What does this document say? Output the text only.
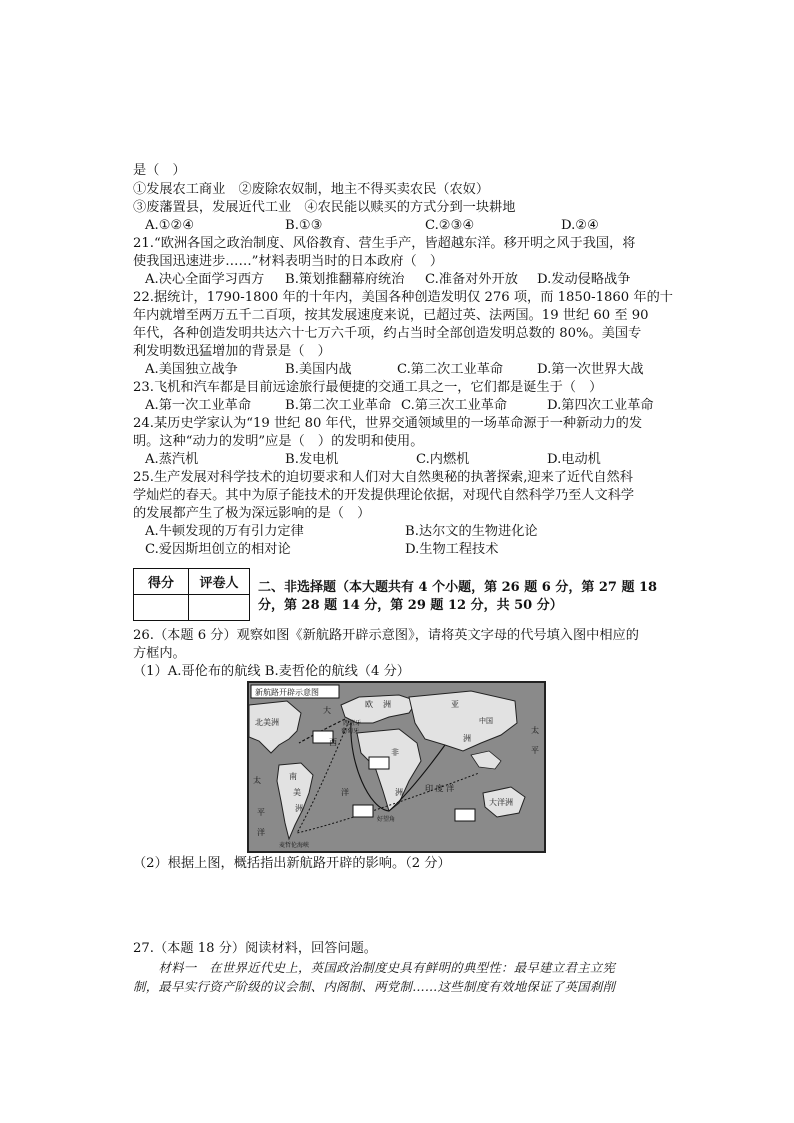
是（　）
①发展农工商业　②废除农奴制，地主不得买卖农民（农奴）
③废藩置县，发展近代工业　④农民能以赎买的方式分到一块耕地
A.①②④	B.①③	C.②③④	D.②④
21.“欧洲各国之政治制度、风俗教育、营生手产，皆超越东洋。移开明之风于我国，将
使我国迅速进步……”材料表明当时的日本政府（　）
A.决心全面学习西方 B.策划推翻幕府统治 C.准备对外开放 D.发动侵略战争
22.据统计，1790-1800 年的十年内，美国各种创造发明仅 276 项，而 1850-1860 年的十
年内就增至两万五千二百项，按其发展速度来说，已超过英、法两国。19 世纪 60 至 90
年代，各种创造发明共达六十七万六千项，约占当时全部创造发明总数的 80%。美国专
利发明数迅猛增加的背景是（　）
A.美国独立战争	B.美国内战	C.第二次工业革命	D.第一次世界大战
23.飞机和汽车都是目前远途旅行最便捷的交通工具之一，它们都是诞生于（　）
A.第一次工业革命	B.第二次工业革命 C.第三次工业革命	D.第四次工业革命
24.某历史学家认为“19 世纪 80 年代，世界交通领域里的一场革命源于一种新动力的发
明。这种“动力的发明”应是（　）的发明和使用。
A.蒸汽机	B.发电机	C.内燃机	D.电动机
25.生产发展对科学技术的迫切要求和人们对大自然奥秘的执著探索,迎来了近代自然科
学灿烂的春天。其中为原子能技术的开发提供理论依据，对现代自然科学乃至人文科学
的发展都产生了极为深远影响的是（　）
A.牛顿发现的万有引力定律	B.达尔文的生物进化论
C.爱因斯坦创立的相对论	D.生物工程技术
得分	评卷人
	二、非选择题（本大题共有 4 个小题，第 26 题 6 分，第 27 题 18
分，第 28 题 14 分，第 29 题 12 分，共 50 分）
26.（本题 6 分）观察如图《新航路开辟示意图》，请将英文字母的代号填入图中相应的
方框内。
（1）A.哥伦布的航线 B.麦哲伦的航线（4 分）
新航路开辟示意图
北美洲
大
西
洋
南
美
洲
太
平
洋
欧 洲
非
洲
亚
洲
印 度 洋
大洋洲
太
平
中国
西班牙
葡萄牙
好望角
麦哲伦海峡
（2）根据上图，概括指出新航路开辟的影响。（2 分）
27.（本题 18 分）阅读材料，回答问题。
　　材料一　在世界近代史上，英国政治制度史具有鲜明的典型性：最早建立君主立宪
制，最早实行资产阶级的议会制、内阁制、两党制……这些制度有效地保证了英国刹削
